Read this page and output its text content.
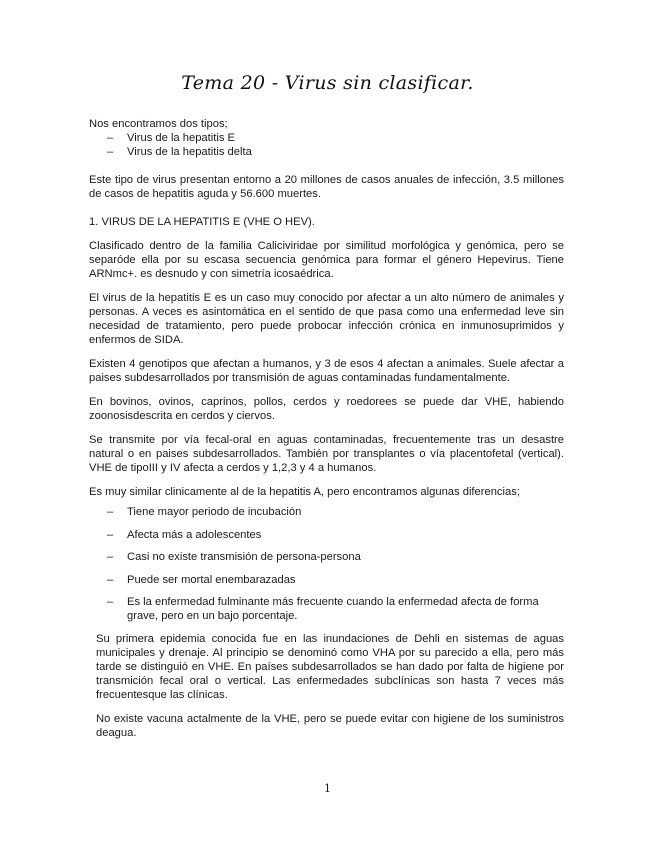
Tema 20 - Virus sin clasificar.

Nos encontramos dos tipos;

– Virus de la hepatitis E
– Virus de la hepatitis delta

Este tipo de virus presentan entorno a 20 millones de casos anuales de infección, 3.5 millones de casos de hepatitis aguda y 56.600 muertes.

1. VIRUS DE LA HEPATITIS E (VHE O HEV).

Clasificado dentro de la familia Caliciviridae por similitud morfológica y genómica, pero se separóde ella por su escasa secuencia genómica para formar el género Hepevirus. Tiene ARNmc+. es desnudo y con simetría icosaédrica.

El virus de la hepatitis E es un caso muy conocido por afectar a un alto número de animales y personas. A veces es asintomática en el sentido de que pasa como una enfermedad leve sin necesidad de tratamiento, pero puede probocar infección crónica en inmunosuprimidos y enfermos de SIDA.

Existen 4 genotipos que afectan a humanos, y 3 de esos 4 afectan a animales. Suele afectar a paises subdesarrollados por transmisión de aguas contaminadas fundamentalmente.

En bovinos, ovinos, caprinos, pollos, cerdos y roedorees se puede dar VHE, habiendo zoonosisdescrita en cerdos y ciervos.

Se transmite por vía fecal-oral en aguas contaminadas, frecuentemente tras un desastre natural o en paises subdesarrollados. También por transplantes o vía placentofetal (vertical). VHE de tipoIII y IV afecta a cerdos y 1,2,3 y 4 a humanos.

Es muy similar clinicamente al de la hepatitis A, pero encontramos algunas diferencias;

– Tiene mayor periodo de incubación
– Afecta más a adolescentes
– Casi no existe transmisión de persona-persona
– Puede ser mortal enembarazadas
– Es la enfermedad fulminante más frecuente cuando la enfermedad afecta de forma grave, pero en un bajo porcentaje.

Su primera epidemia conocida fue en las inundaciones de Dehli en sistemas de aguas municipales y drenaje. Al principio se denominó como VHA por su parecido a ella, pero más tarde se distinguió en VHE. En países subdesarrollados se han dado por falta de higiene por transmición fecal oral o vertical. Las enfermedades subclínicas son hasta 7 veces más frecuentesque las clínicas.

No existe vacuna actalmente de la VHE, pero se puede evitar con higiene de los suministros deagua.

1
